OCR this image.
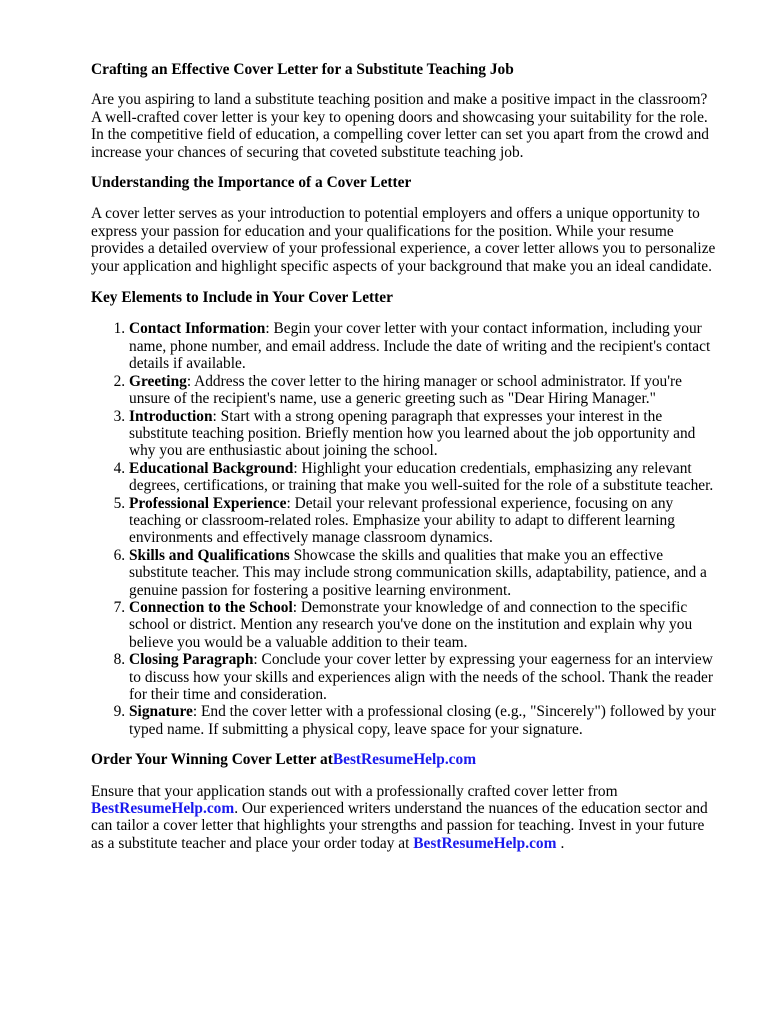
Crafting an Effective Cover Letter for a Substitute Teaching Job

Are you aspiring to land a substitute teaching position and make a positive impact in the classroom? A well-crafted cover letter is your key to opening doors and showcasing your suitability for the role. In the competitive field of education, a compelling cover letter can set you apart from the crowd and increase your chances of securing that coveted substitute teaching job.

Understanding the Importance of a Cover Letter

A cover letter serves as your introduction to potential employers and offers a unique opportunity to express your passion for education and your qualifications for the position. While your resume provides a detailed overview of your professional experience, a cover letter allows you to personalize your application and highlight specific aspects of your background that make you an ideal candidate.

Key Elements to Include in Your Cover Letter
1. Contact Information: Begin your cover letter with your contact information, including your name, phone number, and email address. Include the date of writing and the recipient's contact details if available.
2. Greeting: Address the cover letter to the hiring manager or school administrator. If you're unsure of the recipient's name, use a generic greeting such as "Dear Hiring Manager."
3. Introduction: Start with a strong opening paragraph that expresses your interest in the substitute teaching position. Briefly mention how you learned about the job opportunity and why you are enthusiastic about joining the school.
4. Educational Background: Highlight your education credentials, emphasizing any relevant degrees, certifications, or training that make you well-suited for the role of a substitute teacher.
5. Professional Experience: Detail your relevant professional experience, focusing on any teaching or classroom-related roles. Emphasize your ability to adapt to different learning environments and effectively manage classroom dynamics.
6. Skills and Qualifications Showcase the skills and qualities that make you an effective substitute teacher. This may include strong communication skills, adaptability, patience, and a genuine passion for fostering a positive learning environment.
7. Connection to the School: Demonstrate your knowledge of and connection to the specific school or district. Mention any research you've done on the institution and explain why you believe you would be a valuable addition to their team.
8. Closing Paragraph: Conclude your cover letter by expressing your eagerness for an interview to discuss how your skills and experiences align with the needs of the school. Thank the reader for their time and consideration.
9. Signature: End the cover letter with a professional closing (e.g., "Sincerely") followed by your typed name. If submitting a physical copy, leave space for your signature.
Order Your Winning Cover Letter atBestResumeHelp.com

Ensure that your application stands out with a professionally crafted cover letter from BestResumeHelp.com. Our experienced writers understand the nuances of the education sector and can tailor a cover letter that highlights your strengths and passion for teaching. Invest in your future as a substitute teacher and place your order today at BestResumeHelp.com .
